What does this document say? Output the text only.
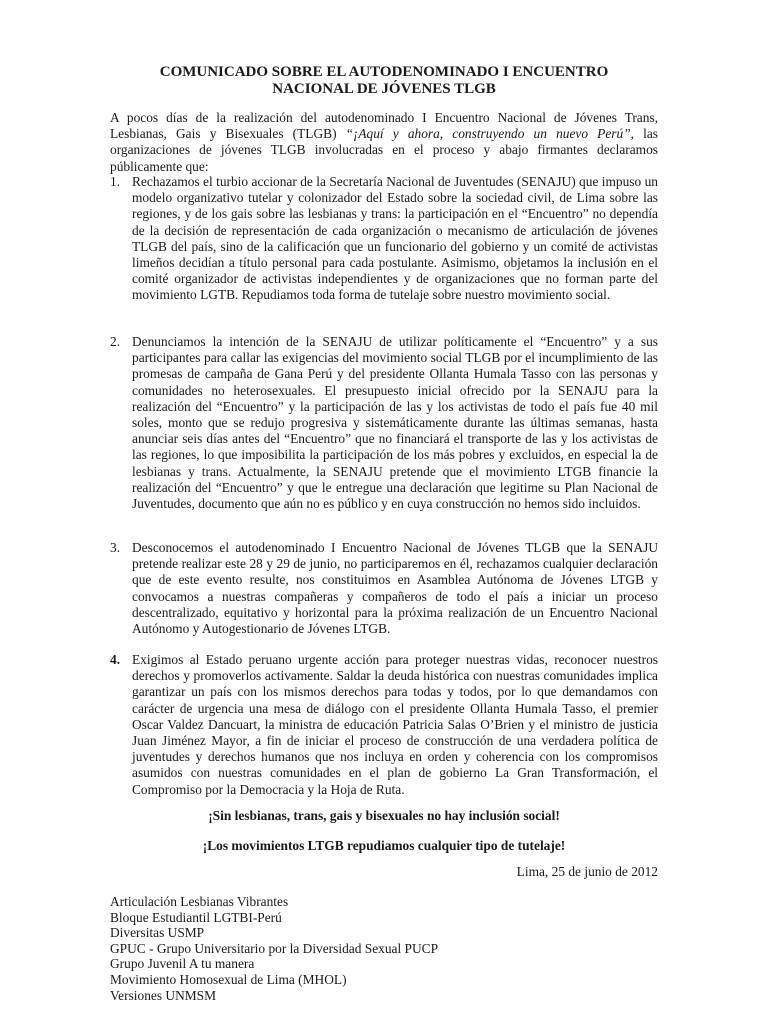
COMUNICADO SOBRE EL AUTODENOMINADO I ENCUENTRO
NACIONAL DE JÓVENES TLGB
A pocos días de la realización del autodenominado I Encuentro Nacional de Jóvenes Trans, Lesbianas, Gais y Bisexuales (TLGB) “¡Aquí y ahora, construyendo un nuevo Perú”, las organizaciones de jóvenes TLGB involucradas en el proceso y abajo firmantes declaramos públicamente que:
1. Rechazamos el turbio accionar de la Secretaría Nacional de Juventudes (SENAJU) que impuso un modelo organizativo tutelar y colonizador del Estado sobre la sociedad civil, de Lima sobre las regiones, y de los gais sobre las lesbianas y trans: la participación en el “Encuentro” no dependía de la decisión de representación de cada organización o mecanismo de articulación de jóvenes TLGB del país, sino de la calificación que un funcionario del gobierno y un comité de activistas limeños decidían a título personal para cada postulante. Asimismo, objetamos la inclusión en el comité organizador de activistas independientes y de organizaciones que no forman parte del movimiento LGTB. Repudiamos toda forma de tutelaje sobre nuestro movimiento social.
2. Denunciamos la intención de la SENAJU de utilizar políticamente el “Encuentro” y a sus participantes para callar las exigencias del movimiento social TLGB por el incumplimiento de las promesas de campaña de Gana Perú y del presidente Ollanta Humala Tasso con las personas y comunidades no heterosexuales. El presupuesto inicial ofrecido por la SENAJU para la realización del “Encuentro” y la participación de las y los activistas de todo el país fue 40 mil soles, monto que se redujo progresiva y sistemáticamente durante las últimas semanas, hasta anunciar seis días antes del “Encuentro” que no financiará el transporte de las y los activistas de las regiones, lo que imposibilita la participación de los más pobres y excluidos, en especial la de lesbianas y trans. Actualmente, la SENAJU pretende que el movimiento LTGB financie la realización del “Encuentro” y que le entregue una declaración que legitime su Plan Nacional de Juventudes, documento que aún no es público y en cuya construcción no hemos sido incluidos.
3. Desconocemos el autodenominado I Encuentro Nacional de Jóvenes TLGB que la SENAJU pretende realizar este 28 y 29 de junio, no participaremos en él, rechazamos cualquier declaración que de este evento resulte, nos constituimos en Asamblea Autónoma de Jóvenes LTGB y convocamos a nuestras compañeras y compañeros de todo el país a iniciar un proceso descentralizado, equitativo y horizontal para la próxima realización de un Encuentro Nacional Autónomo y Autogestionario de Jóvenes LTGB.
4. Exigimos al Estado peruano urgente acción para proteger nuestras vidas, reconocer nuestros derechos y promoverlos activamente. Saldar la deuda histórica con nuestras comunidades implica garantizar un país con los mismos derechos para todas y todos, por lo que demandamos con carácter de urgencia una mesa de diálogo con el presidente Ollanta Humala Tasso, el premier Oscar Valdez Dancuart, la ministra de educación Patricia Salas O’Brien y el ministro de justicia Juan Jiménez Mayor, a fin de iniciar el proceso de construcción de una verdadera política de juventudes y derechos humanos que nos incluya en orden y coherencia con los compromisos asumidos con nuestras comunidades en el plan de gobierno La Gran Transformación, el Compromiso por la Democracia y la Hoja de Ruta.
¡Sin lesbianas, trans, gais y bisexuales no hay inclusión social!
¡Los movimientos LTGB repudiamos cualquier tipo de tutelaje!
Lima, 25 de junio de 2012
Articulación Lesbianas Vibrantes
Bloque Estudiantil LGTBI-Perú
Diversitas USMP
GPUC - Grupo Universitario por la Diversidad Sexual PUCP
Grupo Juvenil A tu manera
Movimiento Homosexual de Lima (MHOL)
Versiones UNMSM
